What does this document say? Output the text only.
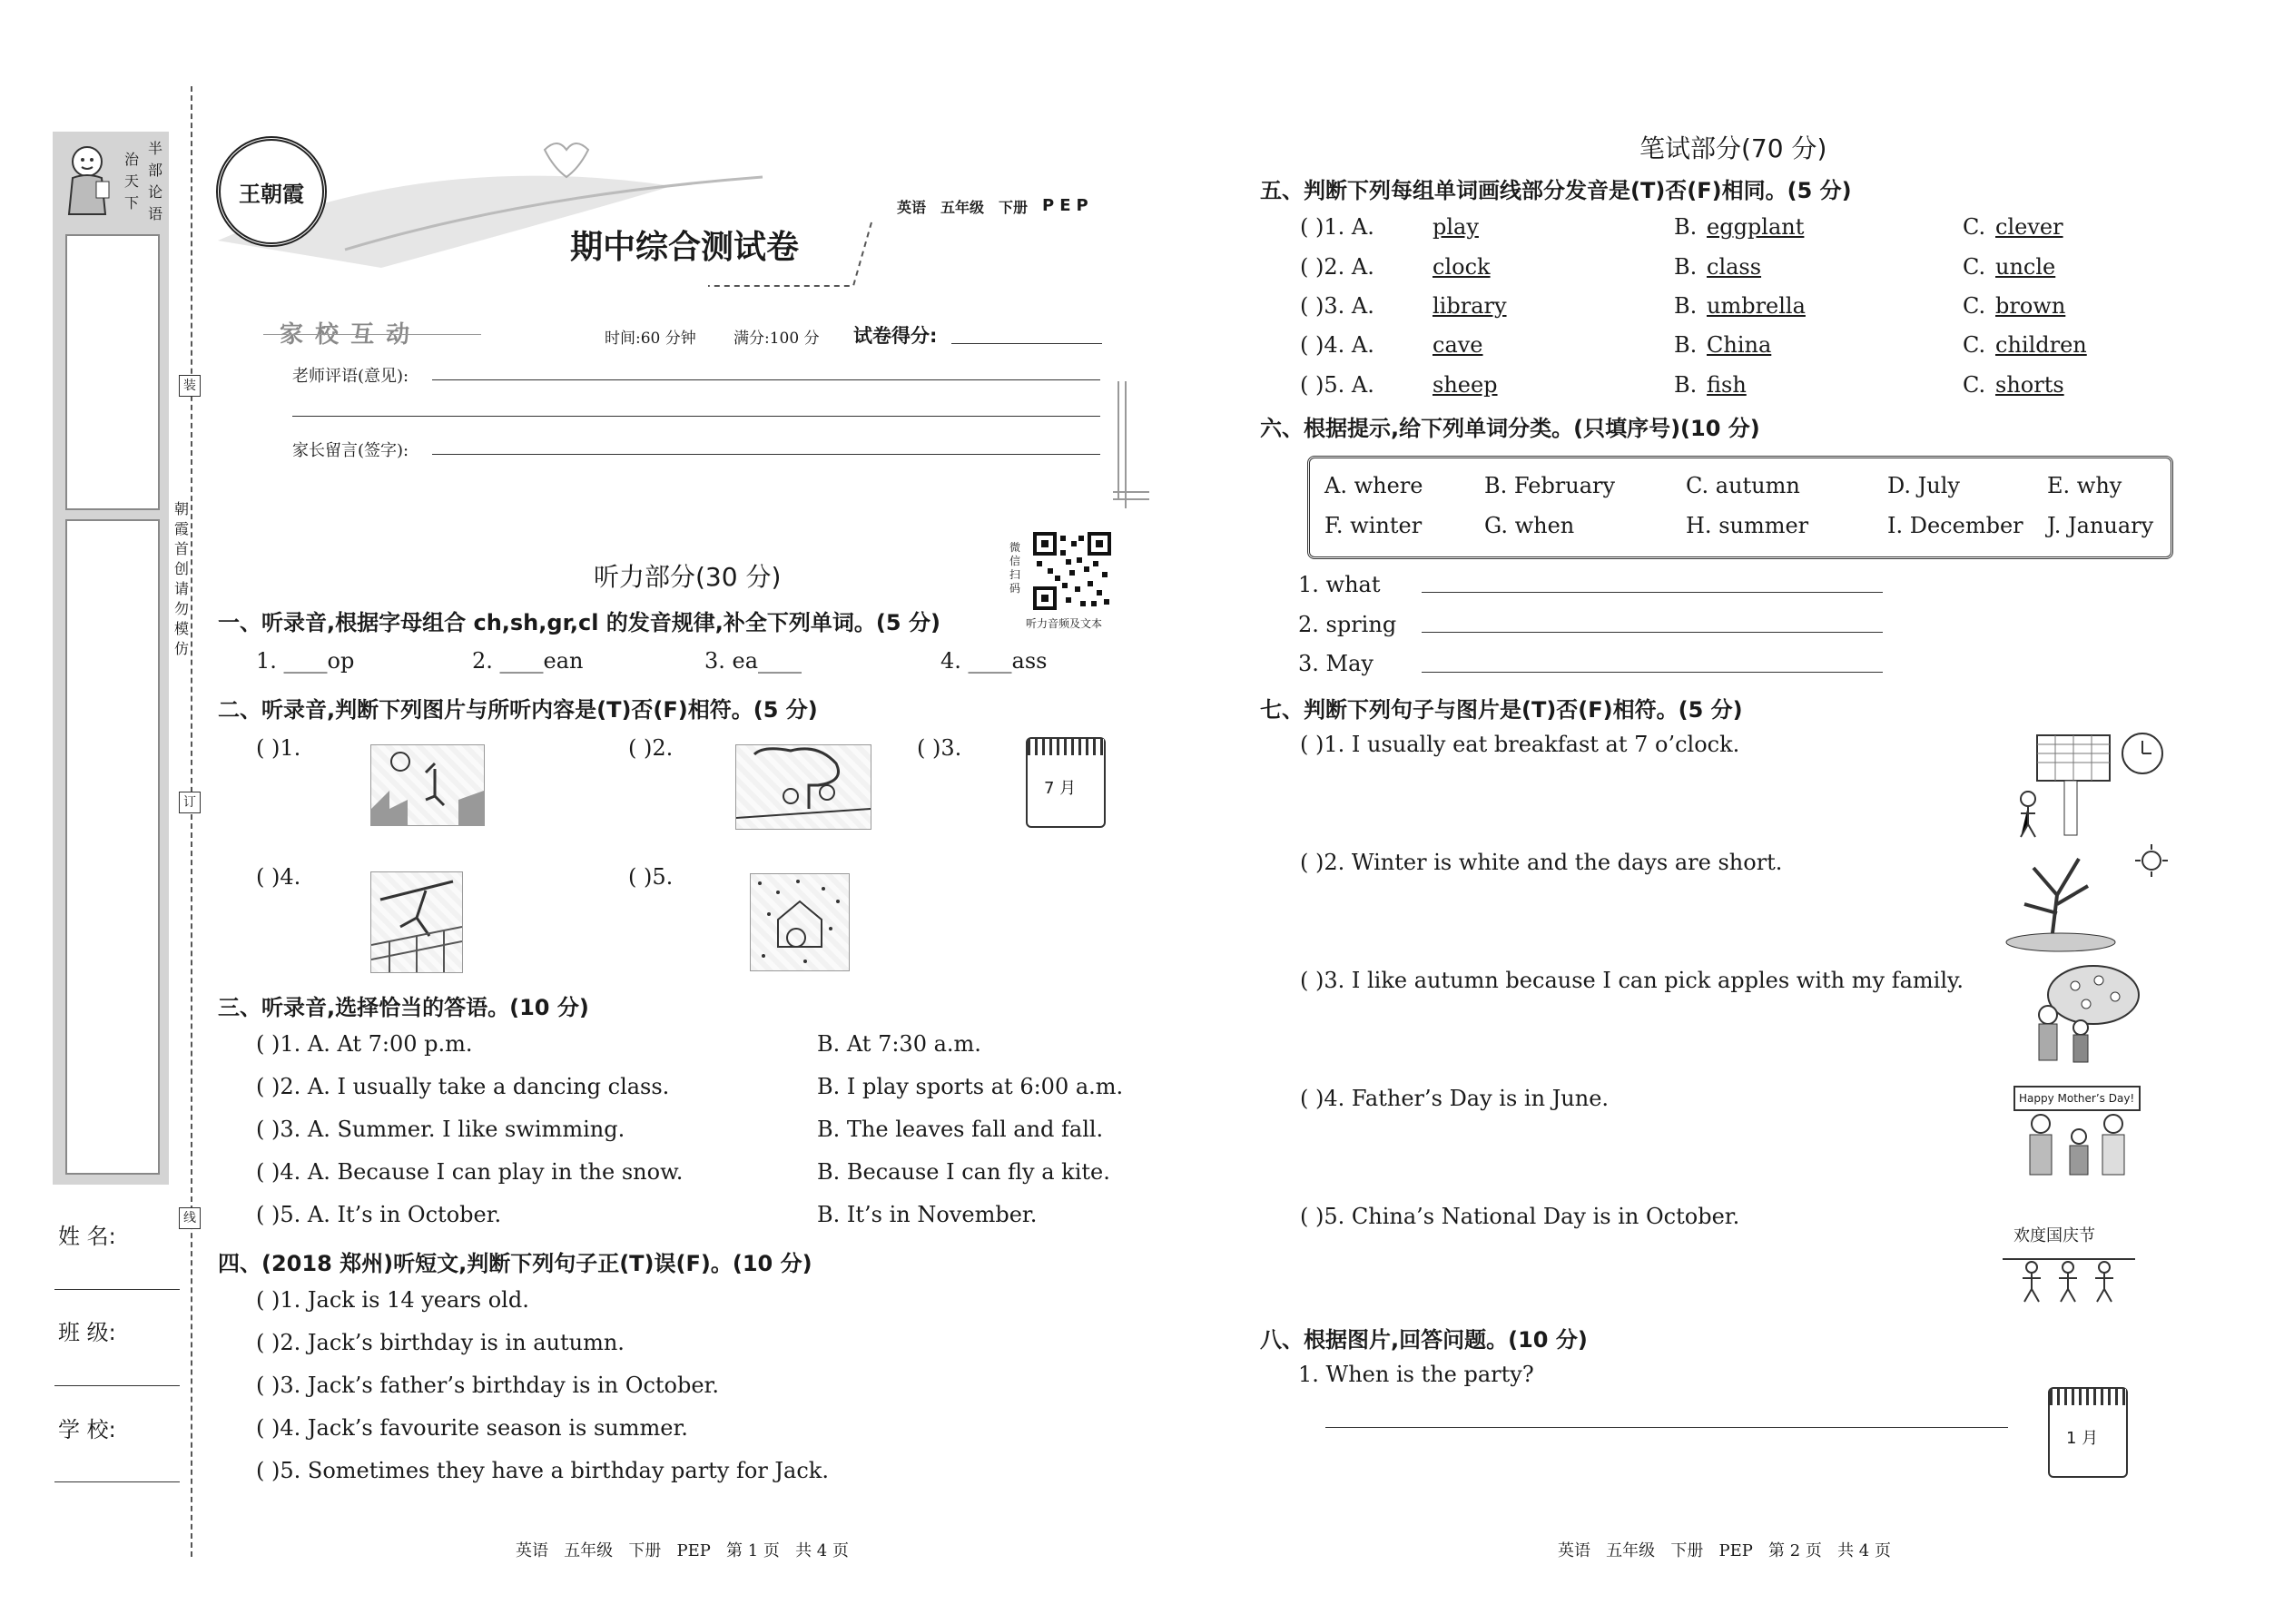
半
部
论
语
治
天
下
装
订
线
朝霞首创 请勿模仿
姓 名:
班 级:
学 校:
王朝霞
英语 五年级 下册 PEP
期中综合测试卷
家 校 互 动	时间:60 分钟 满分:100 分 试卷得分:
老师评语(意见):
家长留言(签字):
听力部分(30 分)
微信扫码
听力音频及文本
一、听录音,根据字母组合 ch,sh,gr,cl 的发音规律,补全下列单词。(5 分)
1. ____op	2. ____ean	3. ea____	4. ____ass
二、听录音,判断下列图片与所听内容是(T)否(F)相符。(5 分)
( )1.	( )2.	( )3.
7 月
( )4.	( )5.
三、听录音,选择恰当的答语。(10 分)
( )1. A. At 7:00 p.m.	B. At 7:30 a.m.
( )2. A. I usually take a dancing class.	B. I play sports at 6:00 a.m.
( )3. A. Summer. I like swimming.	B. The leaves fall and fall.
( )4. A. Because I can play in the snow.	B. Because I can fly a kite.
( )5. A. It’s in October.	B. It’s in November.
四、(2018 郑州)听短文,判断下列句子正(T)误(F)。(10 分)
( )1. Jack is 14 years old.
( )2. Jack’s birthday is in autumn.
( )3. Jack’s father’s birthday is in October.
( )4. Jack’s favourite season is summer.
( )5. Sometimes they have a birthday party for Jack.
笔试部分(70 分)
五、判断下列每组单词画线部分发音是(T)否(F)相同。(5 分)
( )1. A.	play	B. eggplant	C. clever
( )2. A.	clock	B. class	C. uncle
( )3. A.	library	B. umbrella	C. brown
( )4. A.	cave	B. China	C. children
( )5. A.	sheep	B. fish	C. shorts
六、根据提示,给下列单词分类。(只填序号)(10 分)
A. where	B. February	C. autumn	D. July	E. why
F. winter	G. when	H. summer	I. December J. January
1. what
2. spring
3. May
七、判断下列句子与图片是(T)否(F)相符。(5 分)
( )1. I usually eat breakfast at 7 o’clock.
( )2. Winter is white and the days are short.
( )3. I like autumn because I can pick apples with my family.
( )4. Father’s Day is in June.	Happy Mother’s Day!
( )5. China’s National Day is in October.
欢度国庆节
八、根据图片,回答问题。(10 分)
1. When is the party?
1 月
英语   五年级   下册   PEP   第 1 页   共 4 页	英语   五年级   下册   PEP   第 2 页   共 4 页
